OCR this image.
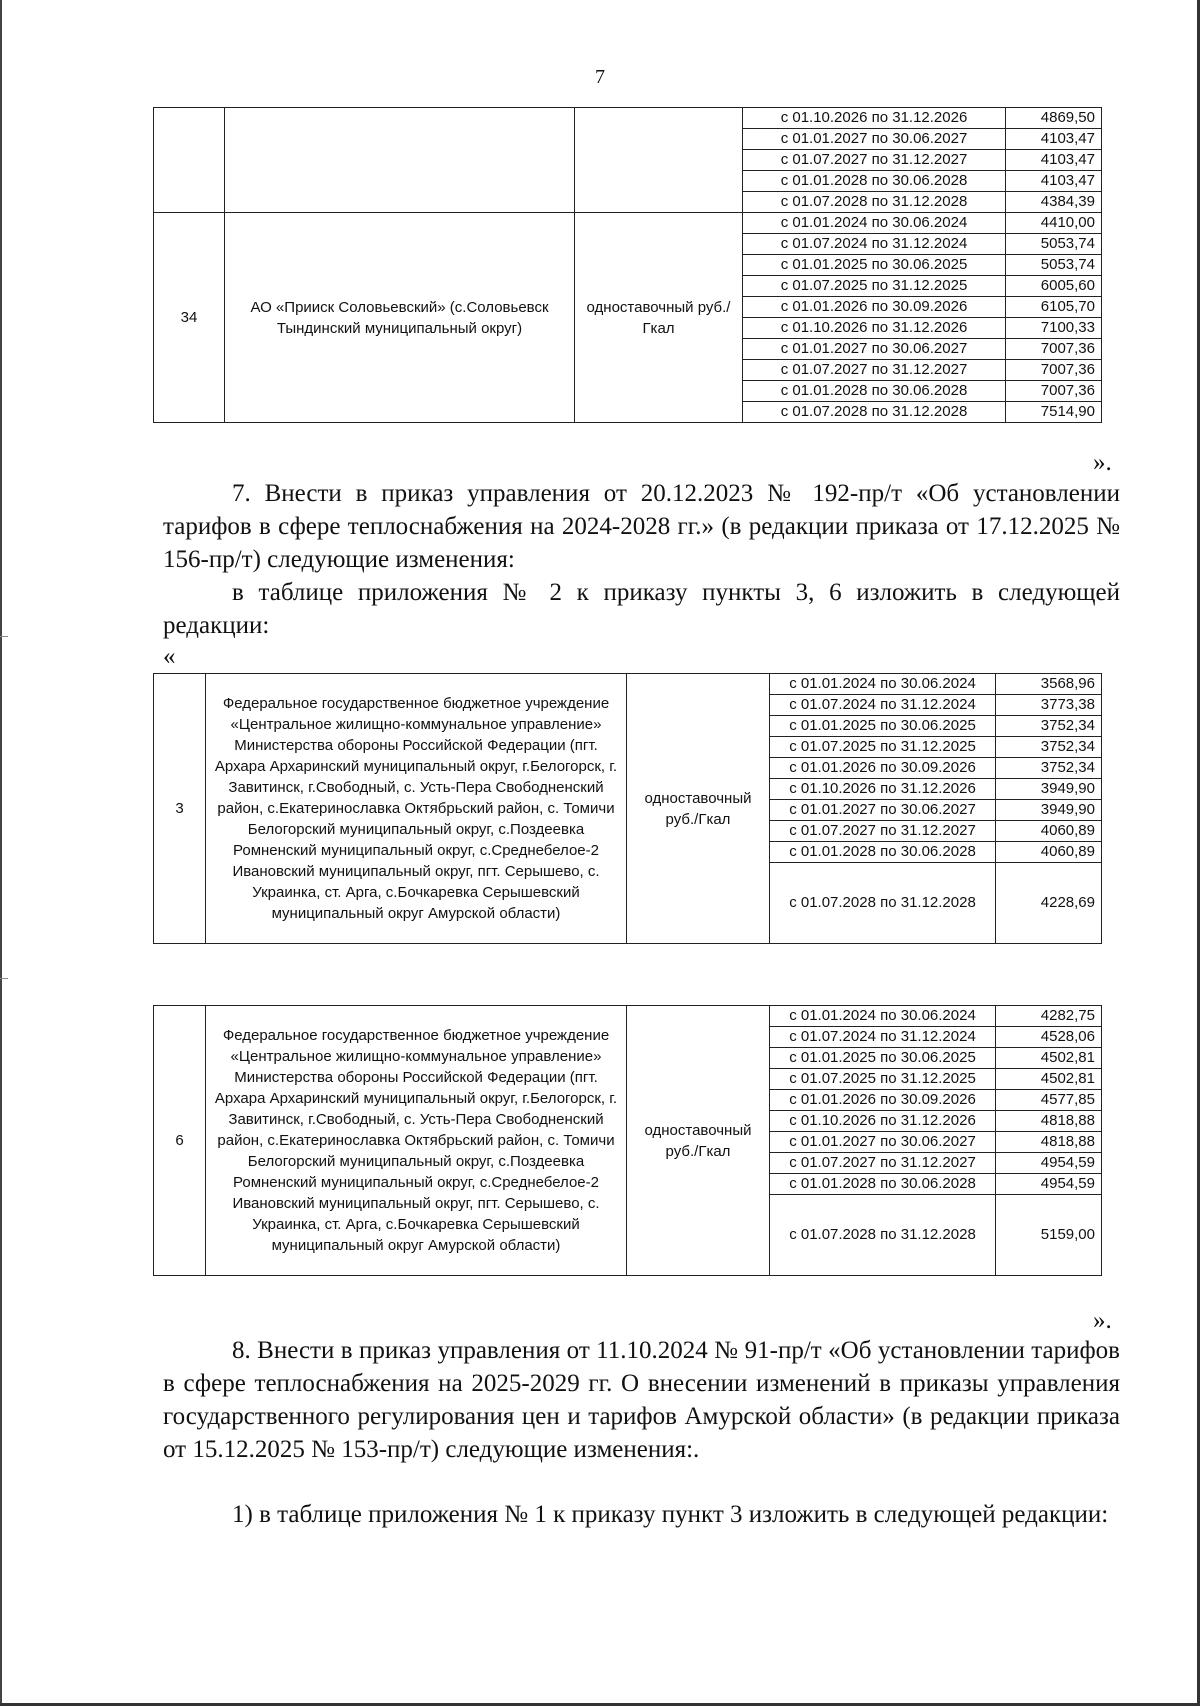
7
			с 01.10.2026 по 31.12.2026	4869,50
			с 01.01.2027 по 30.06.2027	4103,47
			с 01.07.2027 по 31.12.2027	4103,47
			с 01.01.2028 по 30.06.2028	4103,47
			с 01.07.2028 по 31.12.2028	4384,39
34	АО «Прииск Соловьевский» (с.Соловьевск Тындинский муниципальный округ)	одноставочный руб./Гкал	с 01.01.2024 по 30.06.2024	4410,00
			с 01.07.2024 по 31.12.2024	5053,74
			с 01.01.2025 по 30.06.2025	5053,74
			с 01.07.2025 по 31.12.2025	6005,60
			с 01.01.2026 по 30.09.2026	6105,70
			с 01.10.2026 по 31.12.2026	7100,33
			с 01.01.2027 по 30.06.2027	7007,36
			с 01.07.2027 по 31.12.2027	7007,36
			с 01.01.2028 по 30.06.2028	7007,36
			с 01.07.2028 по 31.12.2028	7514,90
».
7. Внести в приказ управления от 20.12.2023 № 192-пр/т «Об установлении тарифов в сфере теплоснабжения на 2024-2028 гг.» (в редакции приказа от 17.12.2025 № 156-пр/т) следующие изменения:
в таблице приложения № 2 к приказу пункты 3, 6 изложить в следующей редакции:
«
3	Федеральное государственное бюджетное учреждение «Центральное жилищно-коммунальное управление» Министерства обороны Российской Федерации (пгт. Архара Архаринский муниципальный округ, г.Белогорск, г. Завитинск, г.Свободный, с. Усть-Пера Свободненский район, с.Екатеринославка Октябрьский район, с. Томичи Белогорский муниципальный округ, с.Поздеевка Ромненский муниципальный округ, с.Среднебелое-2 Ивановский муниципальный округ, пгт. Серышево, с. Украинка, ст. Арга, с.Бочкаревка Серышевский муниципальный округ Амурской области)	одноставочный руб./Гкал	с 01.01.2024 по 30.06.2024	3568,96
			с 01.07.2024 по 31.12.2024	3773,38
			с 01.01.2025 по 30.06.2025	3752,34
			с 01.07.2025 по 31.12.2025	3752,34
			с 01.01.2026 по 30.09.2026	3752,34
			с 01.10.2026 по 31.12.2026	3949,90
			с 01.01.2027 по 30.06.2027	3949,90
			с 01.07.2027 по 31.12.2027	4060,89
			с 01.01.2028 по 30.06.2028	4060,89
			с 01.07.2028 по 31.12.2028	4228,69
6	Федеральное государственное бюджетное учреждение «Центральное жилищно-коммунальное управление» Министерства обороны Российской Федерации (пгт. Архара Архаринский муниципальный округ, г.Белогорск, г. Завитинск, г.Свободный, с. Усть-Пера Свободненский район, с.Екатеринославка Октябрьский район, с. Томичи Белогорский муниципальный округ, с.Поздеевка Ромненский муниципальный округ, с.Среднебелое-2 Ивановский муниципальный округ, пгт. Серышево, с. Украинка, ст. Арга, с.Бочкаревка Серышевский муниципальный округ Амурской области)	одноставочный руб./Гкал	с 01.01.2024 по 30.06.2024	4282,75
			с 01.07.2024 по 31.12.2024	4528,06
			с 01.01.2025 по 30.06.2025	4502,81
			с 01.07.2025 по 31.12.2025	4502,81
			с 01.01.2026 по 30.09.2026	4577,85
			с 01.10.2026 по 31.12.2026	4818,88
			с 01.01.2027 по 30.06.2027	4818,88
			с 01.07.2027 по 31.12.2027	4954,59
			с 01.01.2028 по 30.06.2028	4954,59
			с 01.07.2028 по 31.12.2028	5159,00
».
8. Внести в приказ управления от 11.10.2024 № 91-пр/т «Об установлении тарифов в сфере теплоснабжения на 2025-2029 гг. О внесении изменений в приказы управления государственного регулирования цен и тарифов Амурской области» (в редакции приказа от 15.12.2025 № 153-пр/т) следующие изменения:.
1) в таблице приложения № 1 к приказу пункт 3 изложить в следующей редакции:
